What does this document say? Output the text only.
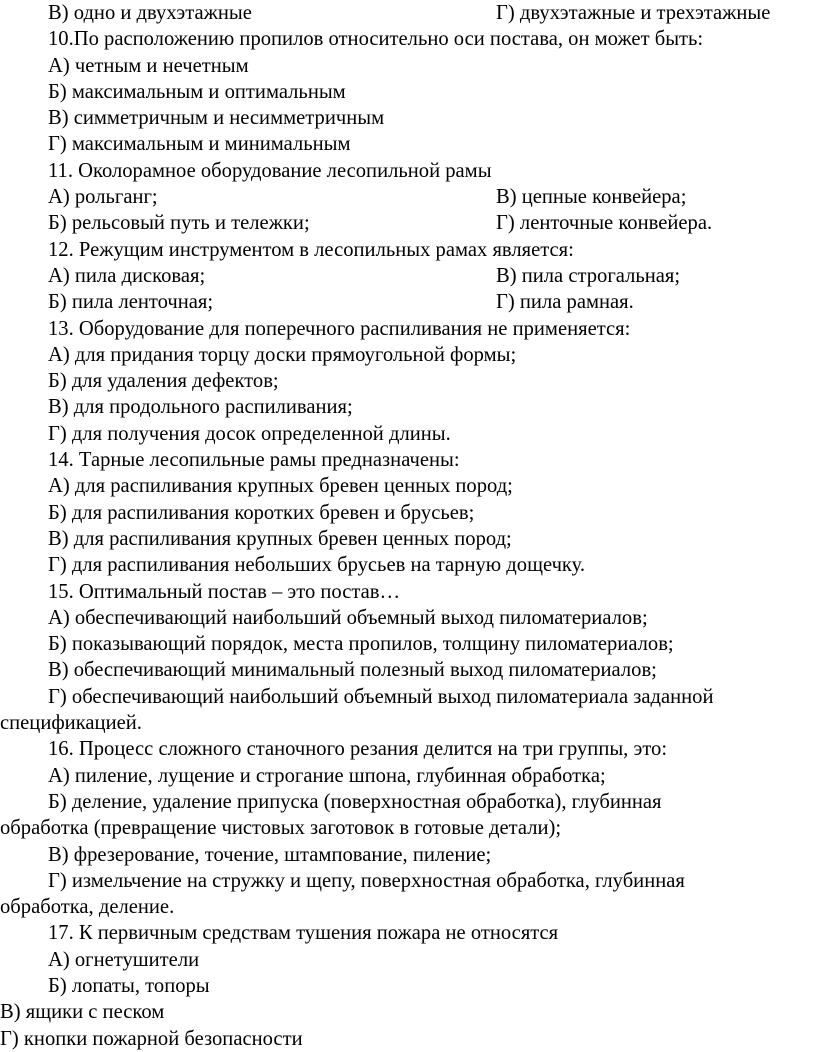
В) одно и двухэтажные	Г) двухэтажные и трехэтажные
10.По расположению пропилов относительно оси постава, он может быть:
А) четным и нечетным
Б) максимальным и оптимальным
В) симметричным и несимметричным
Г) максимальным и минимальным
11. Околорамное оборудование лесопильной рамы
А) рольганг;	В) цепные конвейера;
Б) рельсовый путь и тележки;	Г) ленточные конвейера.
12. Режущим инструментом в лесопильных рамах является:
А) пила дисковая;	В) пила строгальная;
Б) пила ленточная;	Г) пила рамная.
13. Оборудование для поперечного распиливания не применяется:
А) для придания торцу доски прямоугольной формы;
Б) для удаления дефектов;
В) для продольного распиливания;
Г) для получения досок определенной длины.
14. Тарные лесопильные рамы предназначены:
А) для распиливания крупных бревен ценных пород;
Б) для распиливания коротких бревен и брусьев;
В) для распиливания крупных бревен ценных пород;
Г) для распиливания небольших брусьев на тарную дощечку.
15. Оптимальный постав – это постав…
А) обеспечивающий наибольший объемный выход пиломатериалов;
Б) показывающий порядок, места пропилов, толщину пиломатериалов;
В) обеспечивающий минимальный полезный выход пиломатериалов;
Г) обеспечивающий наибольший объемный выход пиломатериала заданной
спецификацией.
16. Процесс сложного станочного резания делится на три группы, это:
А) пиление, лущение и строгание шпона, глубинная обработка;
Б) деление, удаление припуска (поверхностная обработка), глубинная
обработка (превращение чистовых заготовок в готовые детали);
В) фрезерование, точение, штампование, пиление;
Г) измельчение на стружку и щепу, поверхностная обработка, глубинная
обработка, деление.
17. К первичным средствам тушения пожара не относятся
А) огнетушители
Б) лопаты, топоры
В) ящики с песком
Г) кнопки пожарной безопасности
